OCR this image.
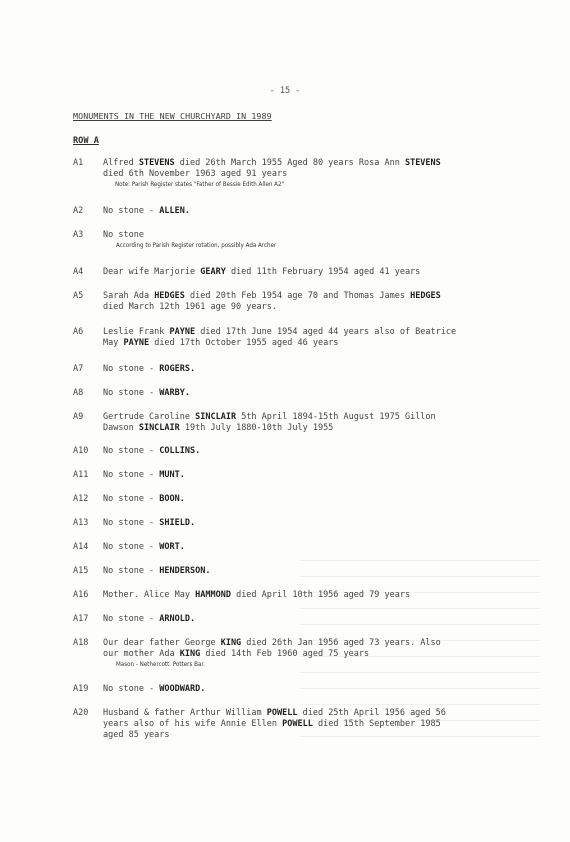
- 15 -
MONUMENTS IN THE NEW CHURCHYARD IN 1989
ROW A
A1 Alfred STEVENS died 26th March 1955 Aged 80 years Rosa Ann STEVENS
died 6th November 1963 aged 91 years
Note: Parish Register states "Father of Bessie Edith Allen A2"
A2 No stone - ALLEN.
A3 No stone
According to Parish Register rotation, possibly Ada Archer
A4 Dear wife Marjorie GEARY died 11th February 1954 aged 41 years
A5 Sarah Ada HEDGES died 20th Feb 1954 age 70 and Thomas James HEDGES
died March 12th 1961 age 90 years.
A6 Leslie Frank PAYNE died 17th June 1954 aged 44 years also of Beatrice
May PAYNE died 17th October 1955 aged 46 years
A7 No stone - ROGERS.
A8 No stone - WARBY.
A9 Gertrude Caroline SINCLAIR 5th April 1894-15th August 1975 Gillon
Dawson SINCLAIR 19th July 1880-10th July 1955
A10 No stone - COLLINS.
A11 No stone - MUNT.
A12 No stone - BOON.
A13 No stone - SHIELD.
A14 No stone - WORT.
A15 No stone - HENDERSON.
A16 Mother. Alice May HAMMOND died April 10th 1956 aged 79 years
A17 No stone - ARNOLD.
A18 Our dear father George KING died 26th Jan 1956 aged 73 years. Also
our mother Ada KING died 14th Feb 1960 aged 75 years
Mason - Nethercott. Potters Bar.
A19 No stone - WOODWARD.
A20 Husband & father Arthur William POWELL died 25th April 1956 aged 56
years also of his wife Annie Ellen POWELL died 15th September 1985
aged 85 years
